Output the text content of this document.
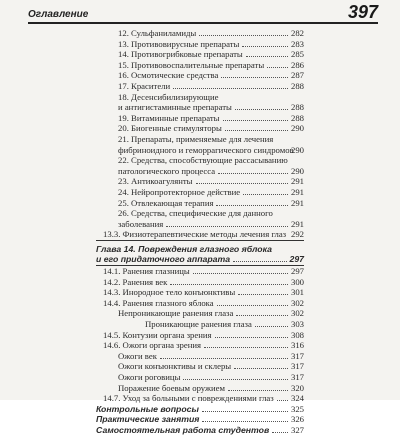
Оглавление	397
12. Сульфаниламиды	282
13. Противовирусные препараты	283
14. Противогрибковые препараты	285
15. Противовоспалительные препараты	286
16. Осмотические средства	287
17. Красители	288
18. Десенсибилизирующие
и антигистаминные препараты	288
19. Витаминные препараты	288
20. Биогенные стимуляторы	290
21. Препараты, применяемые для лечения
фибриноидного и геморрагического синдромов
290
22. Средства, способствующие рассасыванию
патологического процесса	290
23. Антикоагулянты	291
24. Нейропротекторное действие	291
25. Отвлекающая терапия	291
26. Средства, специфические для данного
заболевания	291
13.3. Физиотерапевтические методы лечения глаз 292
Глава 14. Повреждения глазного яблока
и его придаточного аппарата	297
14.1. Ранения глазницы	297
14.2. Ранения век	300
14.3. Инородное тело конъюнктивы	301
14.4. Ранения глазного яблока	302
Непроникающие ранения глаза	302
Проникающие ранения глаза	303
14.5. Контузии органа зрения	308
14.6. Ожоги органа зрения	316
Ожоги век	317
Ожоги конъюнктивы и склеры	317
Ожоги роговицы	317
Поражение боевым оружием	320
14.7. Уход за больными с повреждениями глаз 324
Контрольные вопросы	325
Практические занятия	326
Самостоятельная работа студентов	327
